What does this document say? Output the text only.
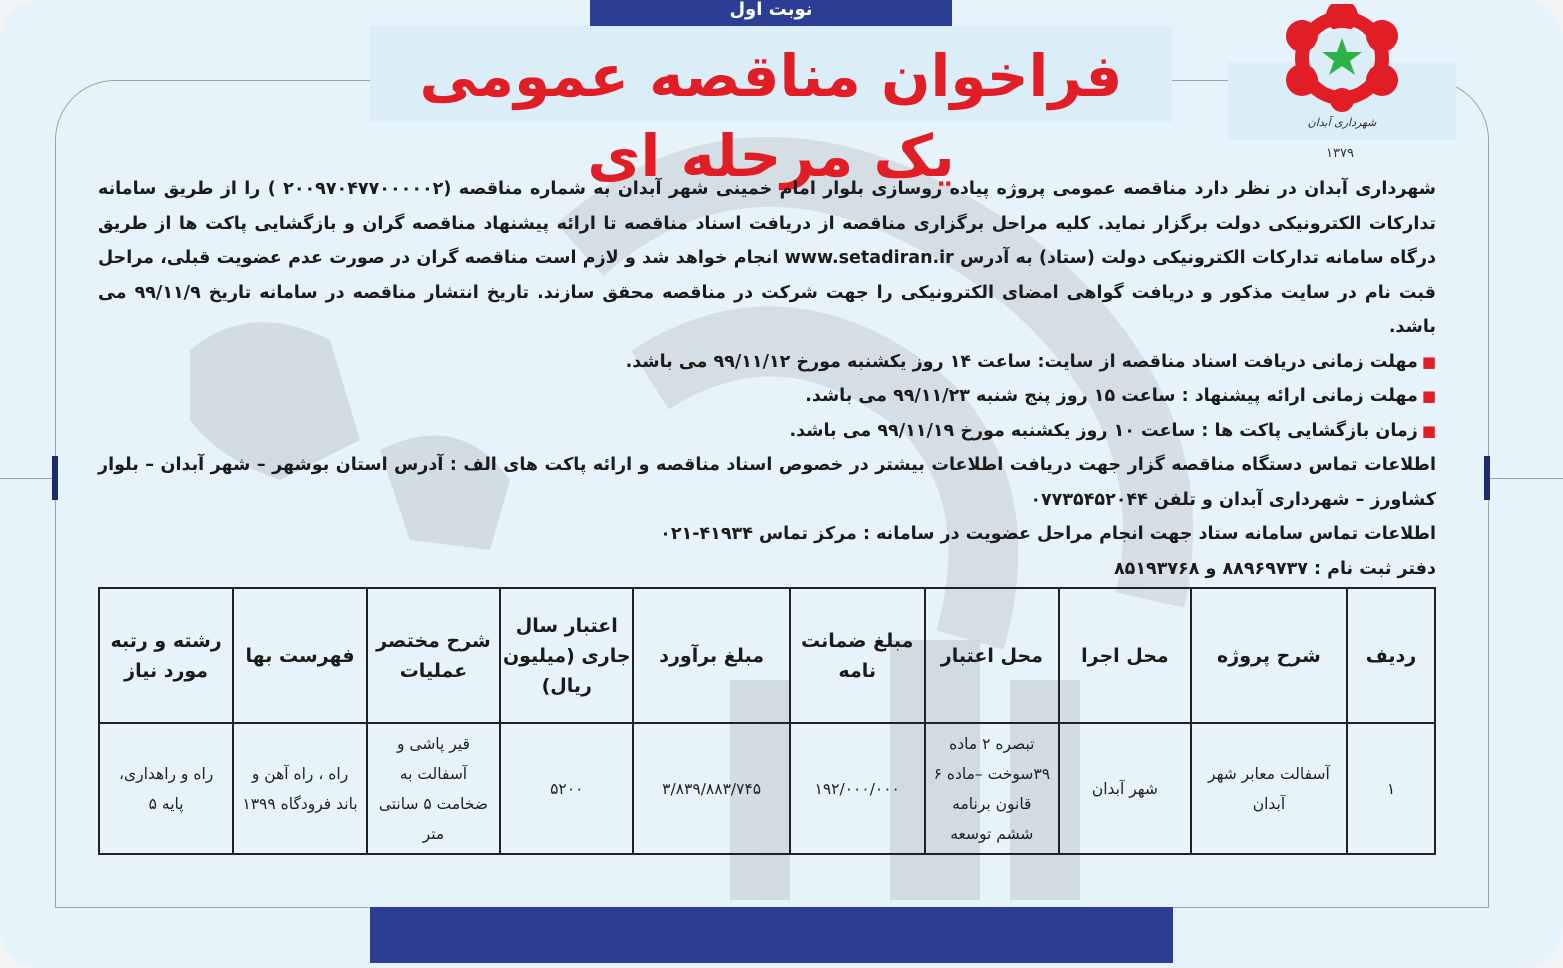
نوبت اول
فراخوان مناقصه عمومی یک مرحله ای	شهرداری آبدان
۱۳۷۹

شهرداری آبدان در نظر دارد مناقصه عمومی پروژه پیاده روسازی بلوار امام خمینی شهر آبدان به شماره مناقصه (۲۰۰۹۷۰۴۷۷۰۰۰۰۰۲ ) را از طریق سامانه تدارکات الکترونیکی دولت برگزار نماید. کلیه مراحل برگزاری مناقصه از دریافت اسناد مناقصه تا ارائه پیشنهاد مناقصه گران و بازگشایی پاکت ها از طریق درگاه سامانه تدارکات الکترونیکی دولت (ستاد) به آدرس www.setadiran.ir انجام خواهد شد و لازم است مناقصه گران در صورت عدم عضویت قبلی، مراحل قبت نام در سایت مذکور و دریافت گواهی امضای الکترونیکی را جهت شرکت در مناقصه محقق سازند. تاریخ انتشار مناقصه در سامانه تاریخ ۹۹/۱۱/۹ می باشد.

■مهلت زمانی دریافت اسناد مناقصه از سایت: ساعت ۱۴ روز یکشنبه مورخ ۹۹/۱۱/۱۲ می باشد.

■مهلت زمانی ارائه پیشنهاد : ساعت ۱۵ روز پنج شنبه ۹۹/۱۱/۲۳ می باشد.

■زمان بازگشایی پاکت ها : ساعت ۱۰ روز یکشنبه مورخ ۹۹/۱۱/۱۹ می باشد.

اطلاعات تماس دستگاه مناقصه گزار جهت دریافت اطلاعات بیشتر در خصوص اسناد مناقصه و ارائه پاکت های الف : آدرس استان بوشهر – شهر آبدان – بلوار کشاورز – شهرداری آبدان و تلفن ۰۷۷۳۵۴۵۲۰۴۴

اطلاعات تماس سامانه ستاد جهت انجام مراحل عضویت در سامانه : مرکز تماس ۴۱۹۳۴-۰۲۱

دفتر ثبت نام : ۸۸۹۶۹۷۳۷ و ۸۵۱۹۳۷۶۸

ردیف	شرح پروژه	محل اجرا	محل اعتبار	مبلغ ضمانت نامه	مبلغ برآورد	اعتبار سال جاری (میلیون ریال)	شرح مختصر عملیات	فهرست بها	رشته و رتبه مورد نیاز
۱	آسفالت معابر شهر آبدان	شهر آبدان	تبصره ۲ ماده ۳۹سوخت –ماده ۶ قانون برنامه ششم توسعه	۱۹۲/۰۰۰/۰۰۰	۳/۸۳۹/۸۸۳/۷۴۵	۵۲۰۰	قیر پاشی و آسفالت به ضخامت ۵ سانتی متر	راه ، راه آهن و باند فرودگاه ۱۳۹۹	راه و راهداری، پایه ۵
